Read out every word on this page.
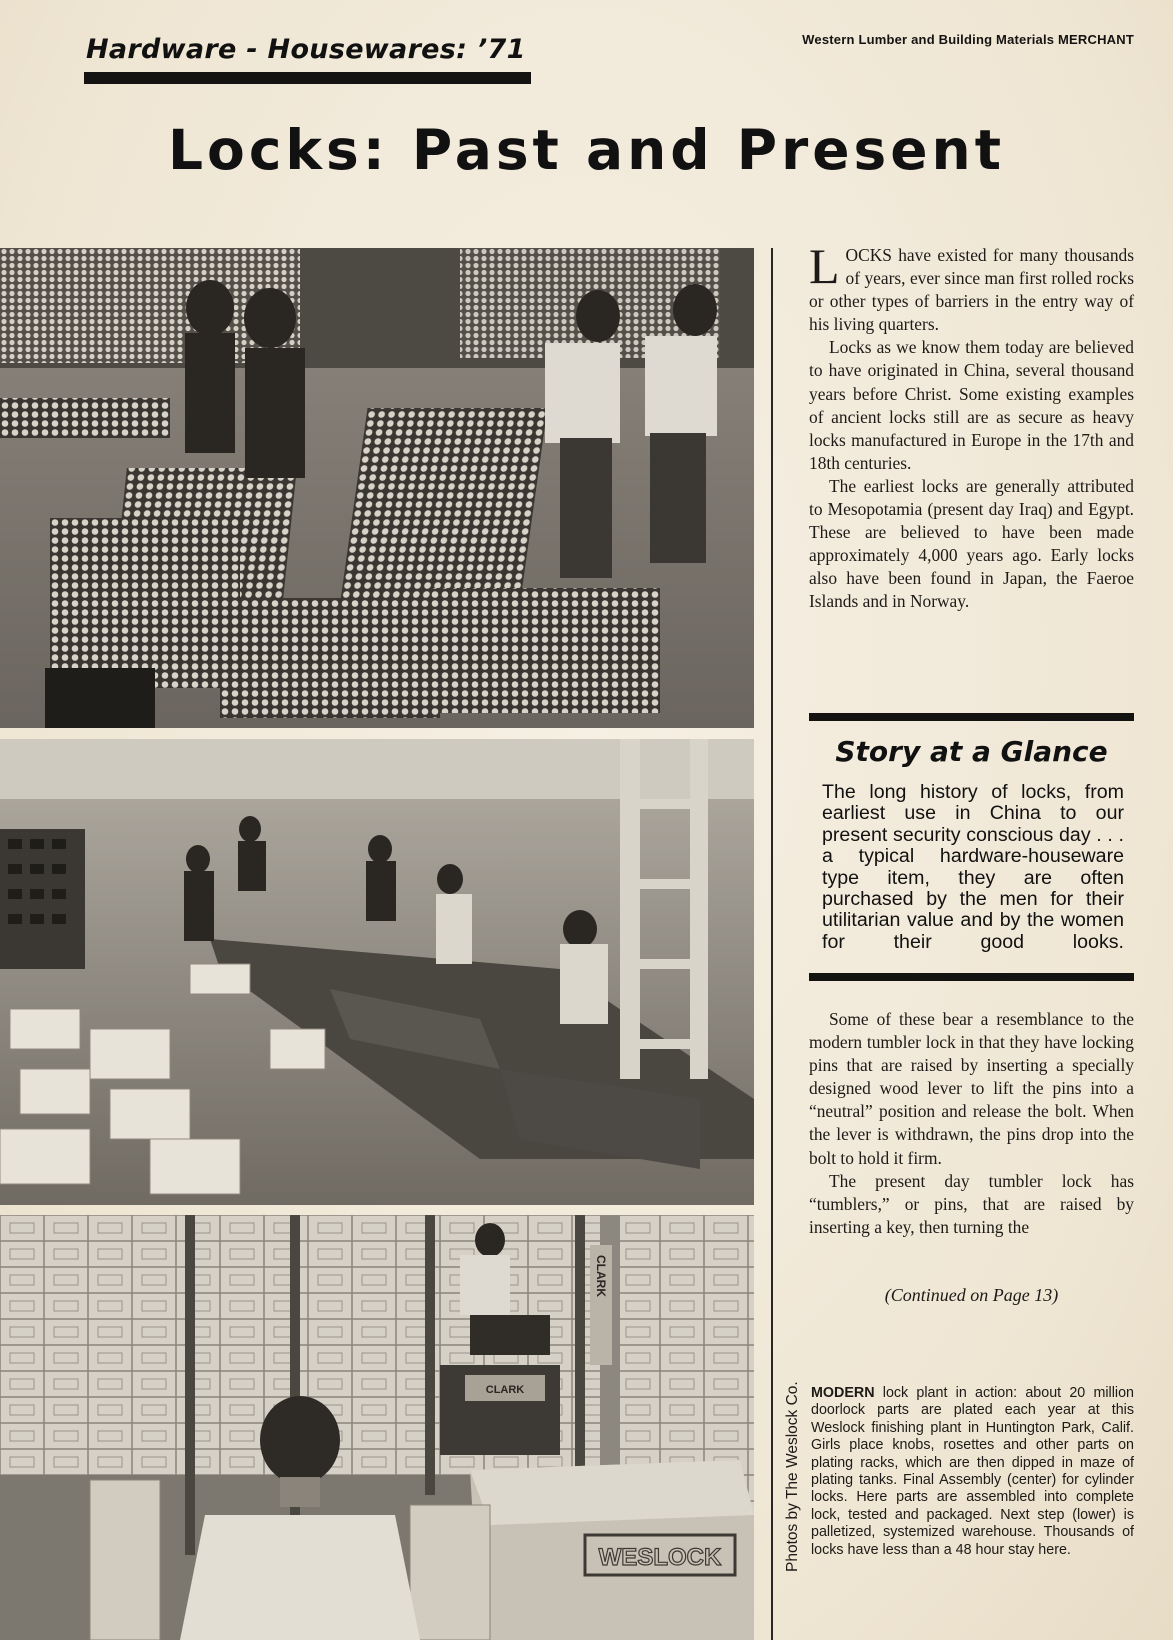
Hardware - Housewares: ’71	Western Lumber and Building Materials MERCHANT
Locks: Past and Present
CLARK
CLARK
WESLOCK

LOCKS have existed for many thousands of years, ever since man first rolled rocks or other types of barriers in the entry way of his living quarters.

Locks as we know them today are believed to have originated in China, several thousand years before Christ. Some existing examples of ancient locks still are as secure as heavy locks manufactured in Europe in the 17th and 18th centuries.

The earliest locks are generally attributed to Mesopotamia (present day Iraq) and Egypt. These are believed to have been made approximately 4,000 years ago. Early locks also have been found in Japan, the Faeroe Islands and in Norway.

Story at a Glance
The long history of locks, from earliest use in China to our present security conscious day . . . a typical hardware-houseware type item, they are often purchased by the men for their utilitarian value and by the women for their good looks.

Some of these bear a resemblance to the modern tumbler lock in that they have locking pins that are raised by inserting a specially designed wood lever to lift the pins into a “neutral” position and release the bolt. When the lever is withdrawn, the pins drop into the bolt to hold it firm.

The present day tumbler lock has “tumblers,” or pins, that are raised by inserting a key, then turning the

(Continued on Page 13)
Photos by The Weslock Co. MODERN lock plant in action: about 20 million doorlock parts are plated each year at this Weslock finishing plant in Huntington Park, Calif. Girls place knobs, rosettes and other parts on plating racks, which are then dipped in maze of plating tanks. Final Assembly (center) for cylinder locks. Here parts are assembled into complete lock, tested and packaged. Next step (lower) is palletized, systemized warehouse. Thousands of locks have less than a 48 hour stay here.
